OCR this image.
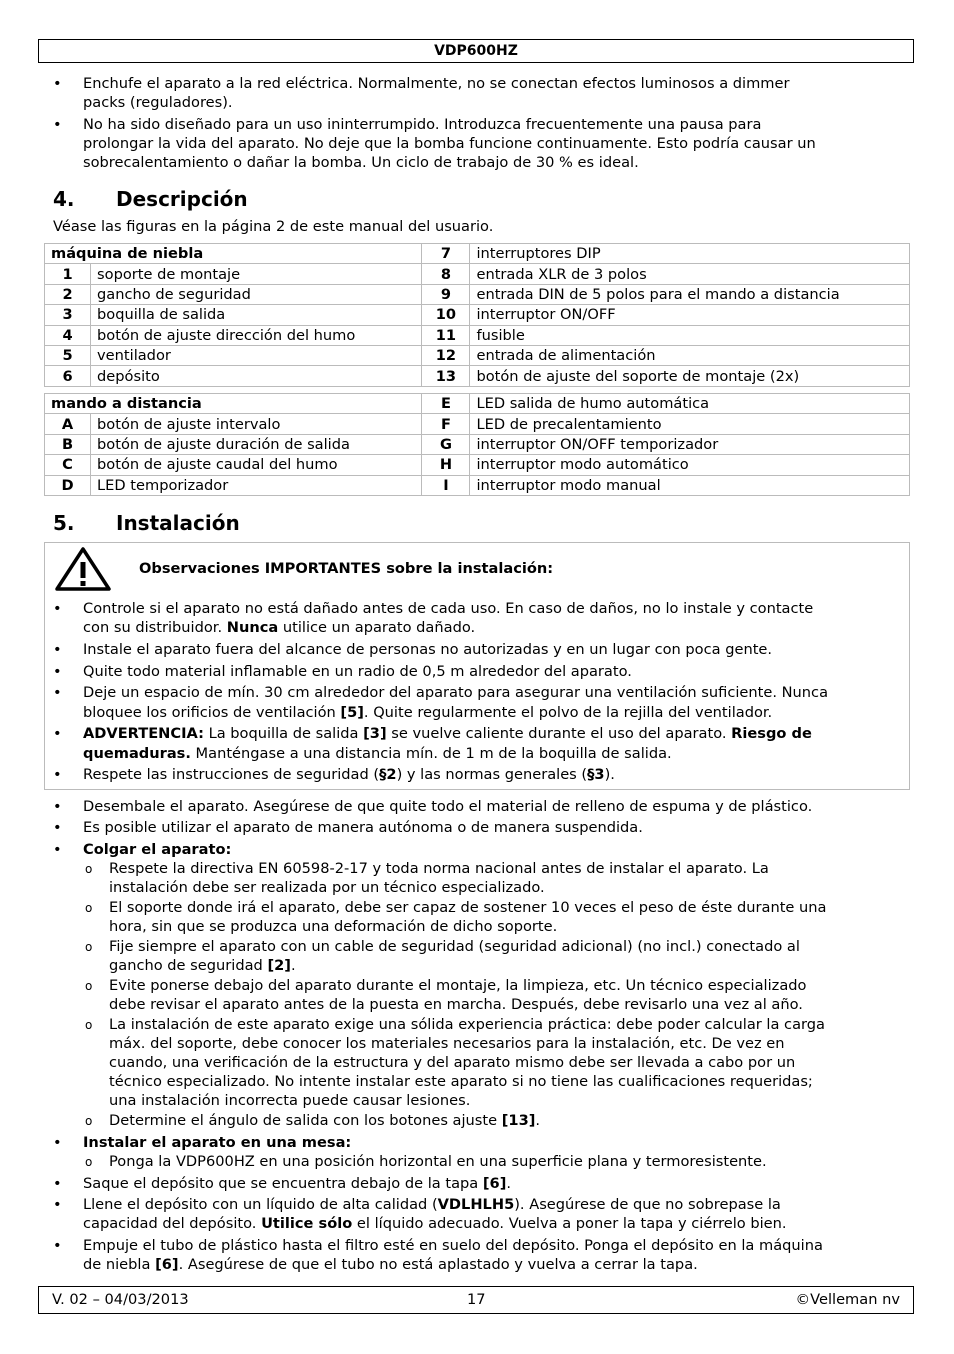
VDP600HZ
•	Enchufe el aparato a la red eléctrica. Normalmente, no se conectan efectos luminosos a dimmer
packs (reguladores).
•	No ha sido diseñado para un uso ininterrumpido. Introduzca frecuentemente una pausa para
prolongar la vida del aparato. No deje que la bomba funcione continuamente. Esto podría causar un
sobrecalentamiento o dañar la bomba. Un ciclo de trabajo de 30 % es ideal.
4. Descripción
Véase las figuras en la página 2 de este manual del usuario.
máquina de niebla		7	interruptores DIP
1	soporte de montaje	8	entrada XLR de 3 polos
2	gancho de seguridad	9	entrada DIN de 5 polos para el mando a distancia
3	boquilla de salida	10	interruptor ON/OFF
4	botón de ajuste dirección del humo	11	fusible
5	ventilador	12	entrada de alimentación
6	depósito	13	botón de ajuste del soporte de montaje (2x)
mando a distancia		E	LED salida de humo automática
A	botón de ajuste intervalo	F	LED de precalentamiento
B	botón de ajuste duración de salida	G	interruptor ON/OFF temporizador
C	botón de ajuste caudal del humo	H	interruptor modo automático
D	LED temporizador	I	interruptor modo manual
5. Instalación
Observaciones IMPORTANTES sobre la instalación:
•	Controle si el aparato no está dañado antes de cada uso. En caso de daños, no lo instale y contacte
con su distribuidor. Nunca utilice un aparato dañado.
•	Instale el aparato fuera del alcance de personas no autorizadas y en un lugar con poca gente.
•	Quite todo material inflamable en un radio de 0,5 m alrededor del aparato.
•	Deje un espacio de mín. 30 cm alrededor del aparato para asegurar una ventilación suficiente. Nunca
bloquee los orificios de ventilación [5]. Quite regularmente el polvo de la rejilla del ventilador.
•	ADVERTENCIA: La boquilla de salida [3] se vuelve caliente durante el uso del aparato. Riesgo de
quemaduras. Manténgase a una distancia mín. de 1 m de la boquilla de salida.
•	Respete las instrucciones de seguridad (§2) y las normas generales (§3).
•	Desembale el aparato. Asegúrese de que quite todo el material de relleno de espuma y de plástico.
•	Es posible utilizar el aparato de manera autónoma o de manera suspendida.
•	Colgar el aparato:
o Respete la directiva EN 60598-2-17 y toda norma nacional antes de instalar el aparato. La
instalación debe ser realizada por un técnico especializado.
o El soporte donde irá el aparato, debe ser capaz de sostener 10 veces el peso de éste durante una
hora, sin que se produzca una deformación de dicho soporte.
o Fije siempre el aparato con un cable de seguridad (seguridad adicional) (no incl.) conectado al
gancho de seguridad [2].
o Evite ponerse debajo del aparato durante el montaje, la limpieza, etc. Un técnico especializado
debe revisar el aparato antes de la puesta en marcha. Después, debe revisarlo una vez al año.
o La instalación de este aparato exige una sólida experiencia práctica: debe poder calcular la carga
máx. del soporte, debe conocer los materiales necesarios para la instalación, etc. De vez en
cuando, una verificación de la estructura y del aparato mismo debe ser llevada a cabo por un
técnico especializado. No intente instalar este aparato si no tiene las cualificaciones requeridas;
una instalación incorrecta puede causar lesiones.
o Determine el ángulo de salida con los botones ajuste [13].
•	Instalar el aparato en una mesa:
o Ponga la VDP600HZ en una posición horizontal en una superficie plana y termoresistente.
•	Saque el depósito que se encuentra debajo de la tapa [6].
•	Llene el depósito con un líquido de alta calidad (VDLHLH5). Asegúrese de que no sobrepase la
capacidad del depósito. Utilice sólo el líquido adecuado. Vuelva a poner la tapa y ciérrelo bien.
•	Empuje el tubo de plástico hasta el filtro esté en suelo del depósito. Ponga el depósito en la máquina
de niebla [6]. Asegúrese de que el tubo no está aplastado y vuelva a cerrar la tapa.
V. 02 – 04/03/2013	17	©Velleman nv
